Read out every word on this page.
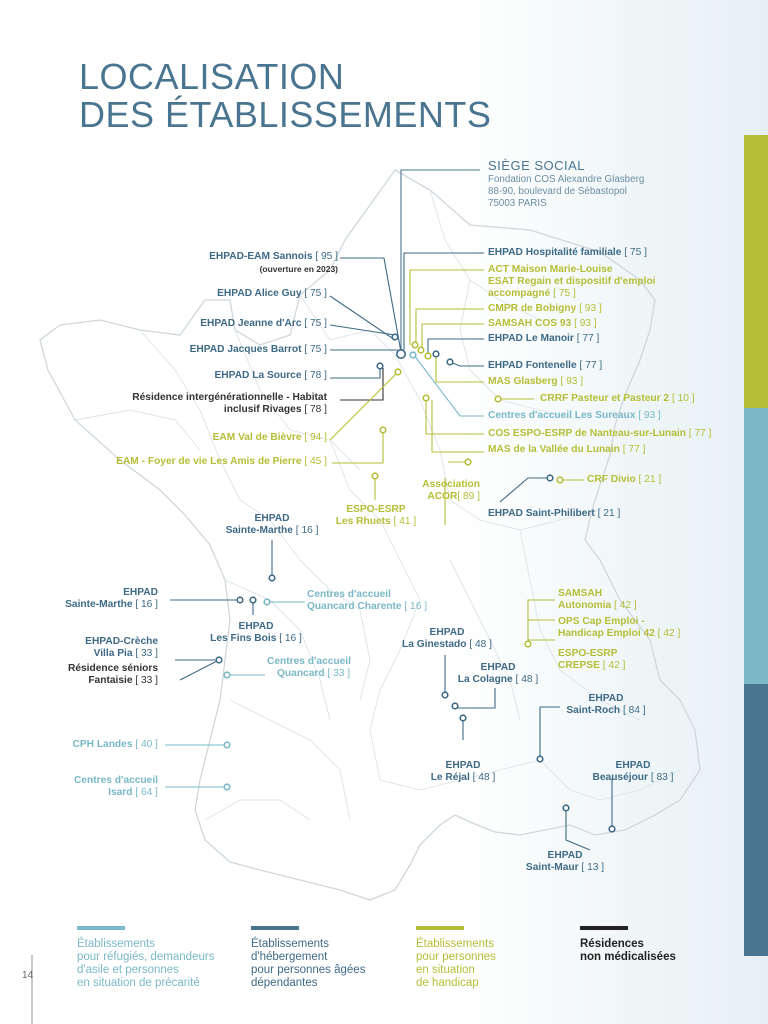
LOCALISATION
DES ÉTABLISSEMENTS
SIÈGE SOCIAL
Fondation COS Alexandre Glasberg
88-90, boulevard de Sébastopol
75003 PARIS
EHPAD-EAM Sannois [ 95 ]
(ouverture en 2023)
EHPAD Alice Guy [ 75 ]
EHPAD Jeanne d'Arc [ 75 ]
EHPAD Jacques Barrot [ 75 ]
EHPAD La Source [ 78 ]
Résidence intergénérationnelle - Habitat
inclusif Rivages [ 78 ]
EAM Val de Bièvre [ 94 ]
EAM - Foyer de vie Les Amis de Pierre [ 45 ]
EHPAD Hospitalité familiale [ 75 ]
ACT Maison Marie-Louise
ESAT Regain et dispositif d'emploi
accompagné [ 75 ]
CMPR de Bobigny [ 93 ]
SAMSAH COS 93 [ 93 ]
EHPAD Le Manoir [ 77 ]
EHPAD Fontenelle [ 77 ]
MAS Glasberg [ 93 ]
CRRF Pasteur et Pasteur 2 [ 10 ]
Centres d'accueil Les Sureaux [ 93 ]
COS ESPO-ESRP de Nanteau-sur-Lunain [ 77 ]
MAS de la Vallée du Lunain [ 77 ]
Association
ACOR[ 89 ]
CRF Divio [ 21 ]
EHPAD Saint-Philibert [ 21 ]
ESPO-ESRP
Les Rhuets [ 41 ]
EHPAD
Sainte-Marthe [ 16 ]
EHPAD
Sainte-Marthe [ 16 ]
Centres d'accueil
Quancard Charente [ 16 ]
EHPAD
Les Fins Bois [ 16 ]
EHPAD-Crèche
Villa Pia [ 33 ]
Résidence séniors
Fantaisie [ 33 ]
Centres d'accueil
Quancard [ 33 ]
CPH Landes [ 40 ]
Centres d'accueil
Isard [ 64 ]
EHPAD
La Ginestado [ 48 ]
EHPAD
La Colagne [ 48 ]
EHPAD
Le Réjal [ 48 ]
SAMSAH
Autonomia [ 42 ]
OPS Cap Emploi -
Handicap Emploi 42 [ 42 ]
ESPO-ESRP
CREPSE [ 42 ]
EHPAD
Saint-Roch [ 84 ]
EHPAD
Beauséjour [ 83 ]
EHPAD
Saint-Maur [ 13 ]
Établissements
pour réfugiés, demandeurs
d'asile et personnes
en situation de précarité
Établissements
d'hébergement
pour personnes âgées
dépendantes
Établissements
pour personnes
en situation
de handicap
Résidences
non médicalisées
14
